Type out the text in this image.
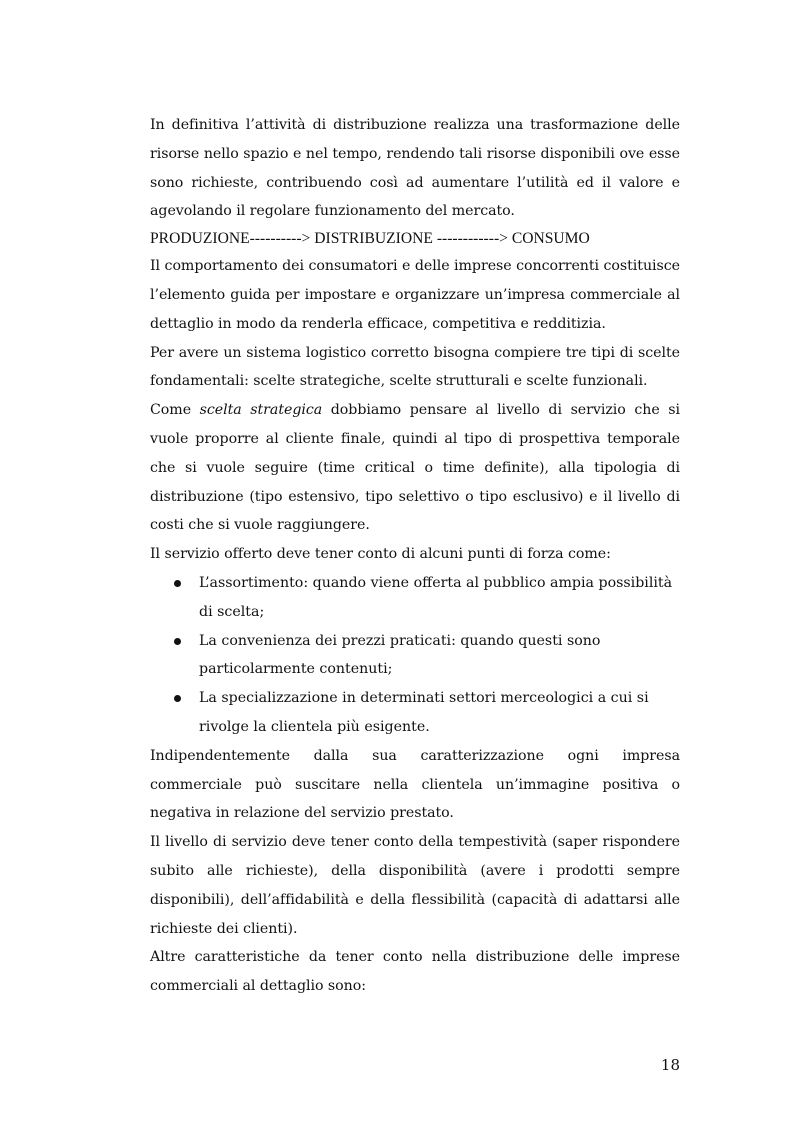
In definitiva l’attività di distribuzione realizza una trasformazione delle risorse nello spazio e nel tempo, rendendo tali risorse disponibili ove esse sono richieste, contribuendo così ad aumentare l’utilità ed il valore e agevolando il regolare funzionamento del mercato.

PRODUZIONE----------> DISTRIBUZIONE ------------> CONSUMO

Il comportamento dei consumatori e delle imprese concorrenti costituisce l’elemento guida per impostare e organizzare un’impresa commerciale al dettaglio in modo da renderla efficace, competitiva e redditizia.

Per avere un sistema logistico corretto bisogna compiere tre tipi di scelte fondamentali: scelte strategiche, scelte strutturali e scelte funzionali.

Come scelta strategica dobbiamo pensare al livello di servizio che si vuole proporre al cliente finale, quindi al tipo di prospettiva temporale che si vuole seguire (time critical o time definite), alla tipologia di distribuzione (tipo estensivo, tipo selettivo o tipo esclusivo) e il livello di costi che si vuole raggiungere.

Il servizio offerto deve tener conto di alcuni punti di forza come:

L’assortimento: quando viene offerta al pubblico ampia possibilità di scelta;
La convenienza dei prezzi praticati: quando questi sono particolarmente contenuti;
La specializzazione in determinati settori merceologici a cui si rivolge la clientela più esigente.

Indipendentemente dalla sua caratterizzazione ogni impresa commerciale può suscitare nella clientela un’immagine positiva o negativa in relazione del servizio prestato.

Il livello di servizio deve tener conto della tempestività (saper rispondere subito alle richieste), della disponibilità (avere i prodotti sempre disponibili), dell’affidabilità e della flessibilità (capacità di adattarsi alle richieste dei clienti).

Altre caratteristiche da tener conto nella distribuzione delle imprese commerciali al dettaglio sono:

18
